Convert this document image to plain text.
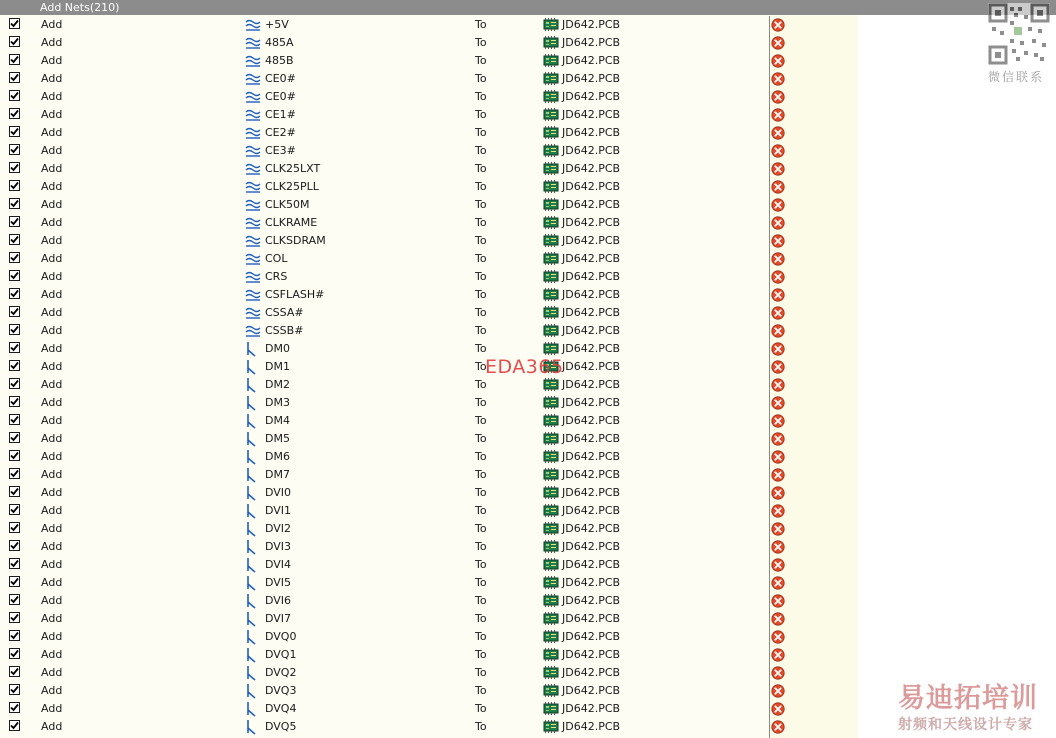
Add Nets(210)
Add	+5V	To	JD642.PCB
Add	485A	To	JD642.PCB
Add	485B	To	JD642.PCB
Add	CE0#	To	JD642.PCB
Add	CE0#	To	JD642.PCB
Add	CE1#	To	JD642.PCB
Add	CE2#	To	JD642.PCB
Add	CE3#	To	JD642.PCB
Add	CLK25LXT	To	JD642.PCB
Add	CLK25PLL	To	JD642.PCB
Add	CLK50M	To	JD642.PCB
Add	CLKRAME	To	JD642.PCB
Add	CLKSDRAM	To	JD642.PCB
Add	COL	To	JD642.PCB
Add	CRS	To	JD642.PCB
Add	CSFLASH#	To	JD642.PCB
Add	CSSA#	To	JD642.PCB
Add	CSSB#	To	JD642.PCB
Add	DM0	To	JD642.PCB
Add	DM1	To	JD642.PCB
Add	DM2	To	JD642.PCB
Add	DM3	To	JD642.PCB
Add	DM4	To	JD642.PCB
Add	DM5	To	JD642.PCB
Add	DM6	To	JD642.PCB
Add	DM7	To	JD642.PCB
Add	DVI0	To	JD642.PCB
Add	DVI1	To	JD642.PCB
Add	DVI2	To	JD642.PCB
Add	DVI3	To	JD642.PCB
Add	DVI4	To	JD642.PCB
Add	DVI5	To	JD642.PCB
Add	DVI6	To	JD642.PCB
Add	DVI7	To	JD642.PCB
Add	DVQ0	To	JD642.PCB
Add	DVQ1	To	JD642.PCB
Add	DVQ2	To	JD642.PCB
Add	DVQ3	To	JD642.PCB
Add	DVQ4	To	JD642.PCB
Add	DVQ5	To	JD642.PCB
EDA365
微信联系
易迪拓培训
射频和天线设计专家
